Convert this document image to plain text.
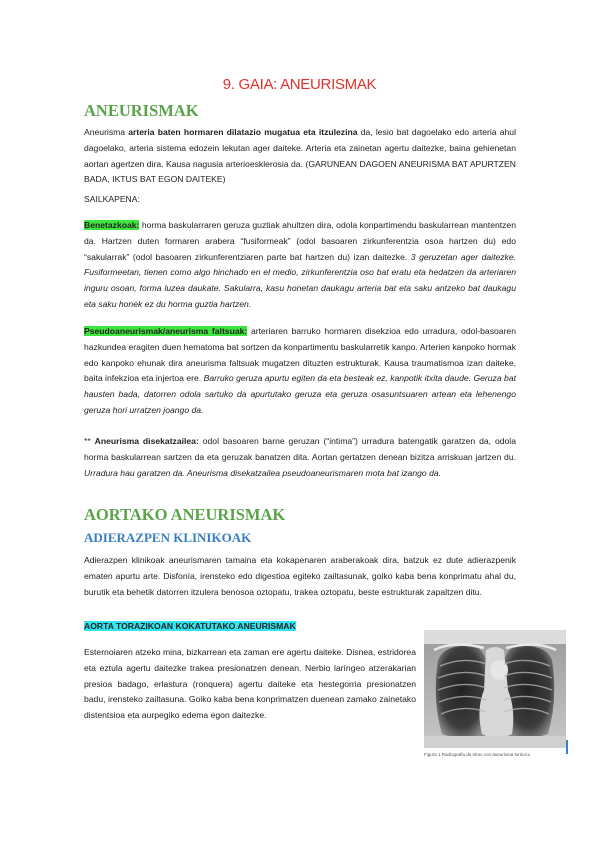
9. GAIA: ANEURISMAK
ANEURISMAK
Aneurisma arteria baten hormaren dilatazio mugatua eta itzulezina da, lesio bat dagoelako edo arteria ahul dagoelako, arteria sistema edozein lekutan ager daiteke. Arteria eta zainetan agertu daitezke, baina gehienetan aortan agertzen dira. Kausa nagusia arterioesklerosia da. (GARUNEAN DAGOEN ANEURISMA BAT APURTZEN BADA, IKTUS BAT EGON DAITEKE)
SAILKAPENA:
Benetazkoak: horma baskularraren geruza guztiak ahultzen dira, odola konpartimendu baskularrean mantentzen da. Hartzen duten formaren arabera “fusiformeak” (odol basoaren zirkunferentzia osoa hartzen du) edo “sakularrak” (odol basoaren zirkunferentziaren parte bat hartzen du) izan daitezke. 3 geruzetan ager daitezke. Fusiformeetan, tienen como algo hinchado en el medio, zirkunferentzia oso bat eratu eta hedatzen da arteriaren inguru osoan, forma luzea daukate. Sakularra, kasu honetan daukagu arteria bat eta saku antzeko bat daukagu eta saku honek ez du horma guztia hartzen.
Pseudoaneurismak/aneurisma faltsuak: arteriaren barruko hormaren disekzioa edo urradura, odol-basoaren hazkundea eragiten duen hematoma bat sortzen da konpartimentu baskularretik kanpo. Arterien kanpoko hormak edo kanpoko ehunak dira aneurisma faltsuak mugatzen dituzten estrukturak. Kausa traumatismoa izan daiteke, baita infekzioa eta injertoa ere. Barruko geruza apurtu egiten da eta besteak ez, kanpotik itxita daude. Geruza bat hausten bada, datorren odola sartuko da apurtutako geruza eta geruza osasuntsuaren artean eta lehenengo geruza hori urratzen joango da.
** Aneurisma disekatzailea: odol basoaren barne geruzan (“intima”) urradura batengatik garatzen da, odola horma baskularrean sartzen da eta geruzak banatzen dita. Aortan gertatzen denean bizitza arriskuan jartzen du. Urradura hau garatzen da. Aneurisma disekatzailea pseudoaneurismaren mota bat izango da.
AORTAKO ANEURISMAK
ADIERAZPEN KLINIKOAK
Adierazpen klinikoak aneurismaren tamaina eta kokapenaren araberakoak dira, batzuk ez dute adierazpenik ematen apurtu arte. Disfonía, irensteko edo digestioa egiteko zailtasunak, goiko kaba bena konprimatu ahal du, burutik eta behetik datorren itzulera benosoa oztopatu, trakea oztopatu, beste estrukturak zapaltzen ditu.
AORTA TORAZIKOAN KOKATUTAKO ANEURISMAK
Esternoiaren atzeko mina, bizkarrean eta zaman ere agertu daiteke. Disnea, estridorea eta eztula agertu daitezke trakea presionatzen denean. Nerbio laríngeo atzerakarian presioa badago, erlastura (ronquera) agertu daiteke eta hestegorria presionatzen badu, irensteko zailtasuna. Goiko kaba bena konprimatzen duenean zamako zainetako distentsioa eta aurpegiko edema egon daitezke.
Figura 1 Radiografía de tórax con aneurisma torácico
